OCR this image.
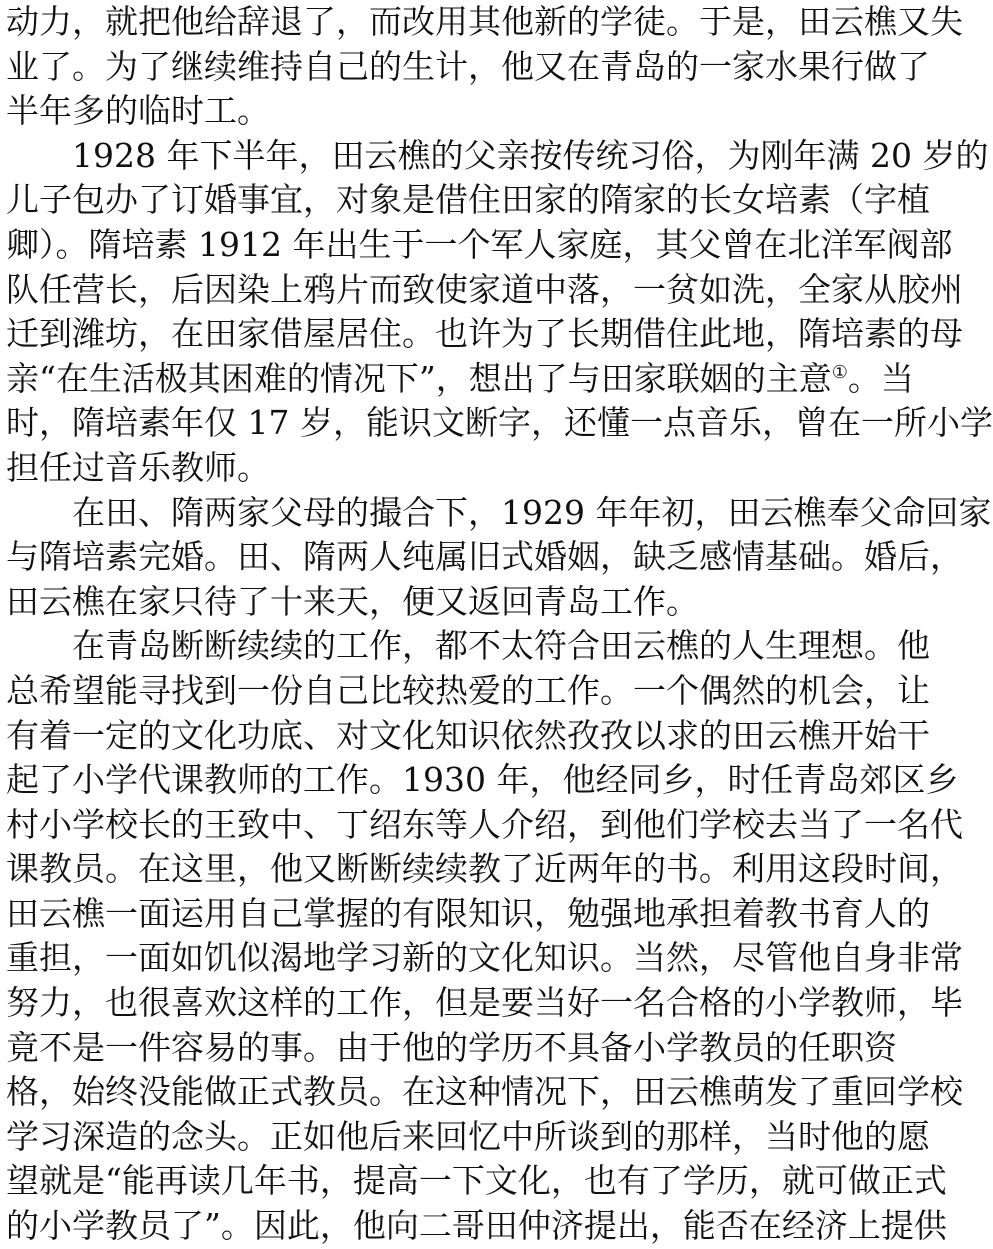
动力，就把他给辞退了，而改用其他新的学徒。于是，田云樵又失
业了。为了继续维持自己的生计，他又在青岛的一家水果行做了
半年多的临时工。
1928 年下半年，田云樵的父亲按传统习俗，为刚年满 20 岁的
儿子包办了订婚事宜，对象是借住田家的隋家的长女培素（字植
卿）。隋培素 1912 年出生于一个军人家庭，其父曾在北洋军阀部
队任营长，后因染上鸦片而致使家道中落，一贫如洗，全家从胶州
迁到潍坊，在田家借屋居住。也许为了长期借住此地，隋培素的母
亲“在生活极其困难的情况下”，想出了与田家联姻的主意①。当
时，隋培素年仅 17 岁，能识文断字，还懂一点音乐，曾在一所小学
担任过音乐教师。
在田、隋两家父母的撮合下，1929 年年初，田云樵奉父命回家
与隋培素完婚。田、隋两人纯属旧式婚姻，缺乏感情基础。婚后，
田云樵在家只待了十来天，便又返回青岛工作。
在青岛断断续续的工作，都不太符合田云樵的人生理想。他
总希望能寻找到一份自己比较热爱的工作。一个偶然的机会，让
有着一定的文化功底、对文化知识依然孜孜以求的田云樵开始干
起了小学代课教师的工作。1930 年，他经同乡，时任青岛郊区乡
村小学校长的王致中、丁绍东等人介绍，到他们学校去当了一名代
课教员。在这里，他又断断续续教了近两年的书。利用这段时间，
田云樵一面运用自己掌握的有限知识，勉强地承担着教书育人的
重担，一面如饥似渴地学习新的文化知识。当然，尽管他自身非常
努力，也很喜欢这样的工作，但是要当好一名合格的小学教师，毕
竟不是一件容易的事。由于他的学历不具备小学教员的任职资
格，始终没能做正式教员。在这种情况下，田云樵萌发了重回学校
学习深造的念头。正如他后来回忆中所谈到的那样，当时他的愿
望就是“能再读几年书，提高一下文化，也有了学历，就可做正式
的小学教员了”。因此，他向二哥田仲济提出，能否在经济上提供
